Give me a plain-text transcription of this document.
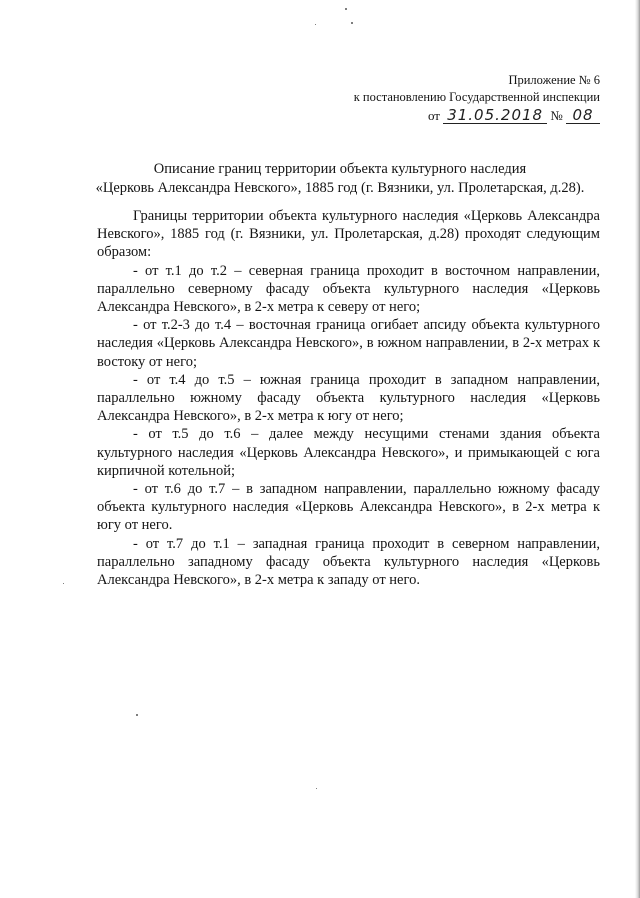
Приложение № 6
к постановлению Государственной инспекции
от 31.05.2018 № 08
Описание границ территории объекта культурного наследия
«Церковь Александра Невского», 1885 год (г. Вязники, ул. Пролетарская, д.28).

Границы территории объекта культурного наследия «Церковь Александра Невского», 1885 год (г. Вязники, ул. Пролетарская, д.28) проходят следующим образом:

- от т.1 до т.2 – северная граница проходит в восточном направлении, параллельно северному фасаду объекта культурного наследия «Церковь Александра Невского», в 2-х метра к северу от него;

- от т.2-3 до т.4 – восточная граница огибает апсиду объекта культурного наследия «Церковь Александра Невского», в южном направлении, в 2-х метрах к востоку от него;

- от т.4 до т.5 – южная граница проходит в западном направлении, параллельно южному фасаду объекта культурного наследия «Церковь Александра Невского», в 2-х метра к югу от него;

- от т.5 до т.6 – далее между несущими стенами здания объекта культурного наследия «Церковь Александра Невского», и примыкающей с юга кирпичной котельной;

- от т.6 до т.7 – в западном направлении, параллельно южному фасаду объекта культурного наследия «Церковь Александра Невского», в 2-х метра к югу от него.

- от т.7 до т.1 – западная граница проходит в северном направлении, параллельно западному фасаду объекта культурного наследия «Церковь Александра Невского», в 2-х метра к западу от него.
